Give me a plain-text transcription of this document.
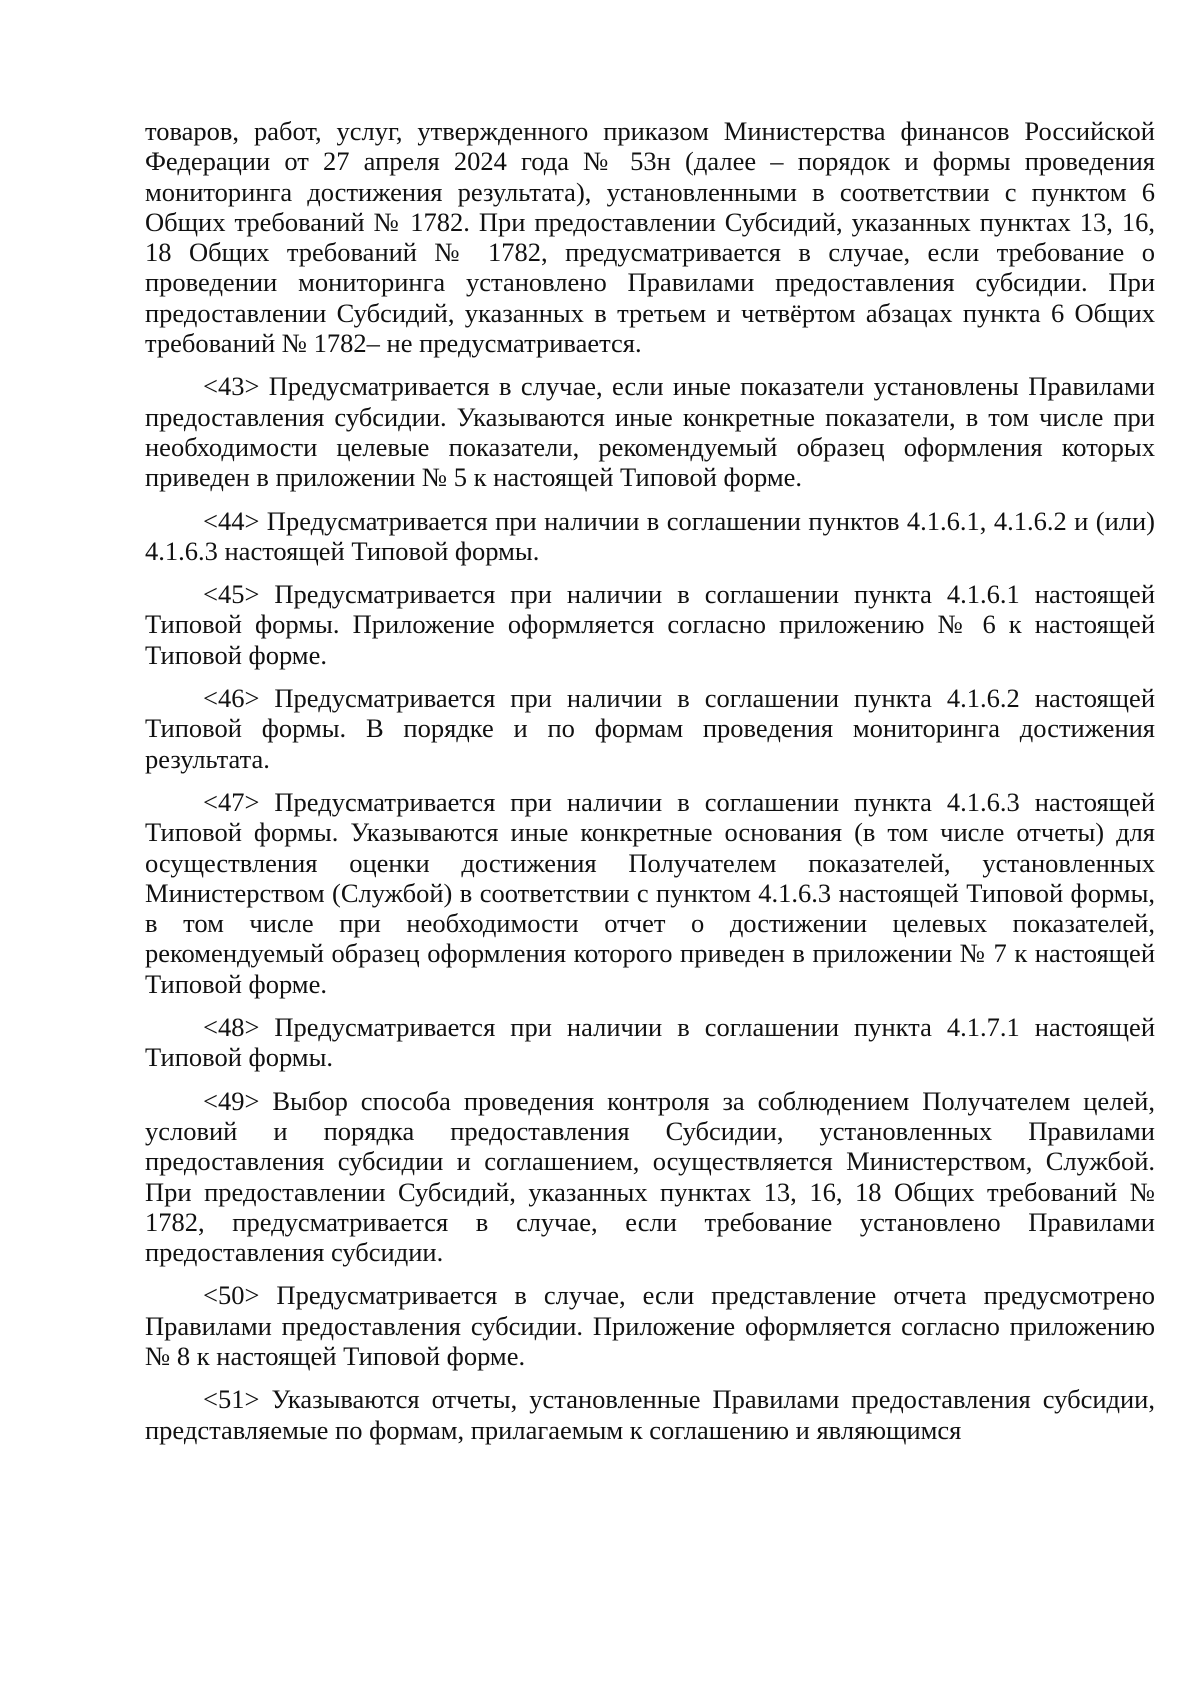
товаров, работ, услуг, утвержденного приказом Министерства финансов Российской Федерации от 27 апреля 2024 года № 53н (далее – порядок и формы проведения мониторинга достижения результата), установленными в соответствии с пунктом 6 Общих требований № 1782. При предоставлении Субсидий, указанных пунктах 13, 16, 18 Общих требований № 1782, предусматривается в случае, если требование о проведении мониторинга установлено Правилами предоставления субсидии. При предоставлении Субсидий, указанных в третьем и четвёртом абзацах пункта 6 Общих требований № 1782– не предусматривается.

<43> Предусматривается в случае, если иные показатели установлены Правилами предоставления субсидии. Указываются иные конкретные показатели, в том числе при необходимости целевые показатели, рекомендуемый образец оформления которых приведен в приложении № 5 к настоящей Типовой форме.

<44> Предусматривается при наличии в соглашении пунктов 4.1.6.1, 4.1.6.2 и (или) 4.1.6.3 настоящей Типовой формы.

<45> Предусматривается при наличии в соглашении пункта 4.1.6.1 настоящей Типовой формы. Приложение оформляется согласно приложению № 6 к настоящей Типовой форме.

<46> Предусматривается при наличии в соглашении пункта 4.1.6.2 настоящей Типовой формы. В порядке и по формам проведения мониторинга достижения результата.

<47> Предусматривается при наличии в соглашении пункта 4.1.6.3 настоящей Типовой формы. Указываются иные конкретные основания (в том числе отчеты) для осуществления оценки достижения Получателем показателей, установленных Министерством (Службой) в соответствии с пунктом 4.1.6.3 настоящей Типовой формы, в том числе при необходимости отчет о достижении целевых показателей, рекомендуемый образец оформления которого приведен в приложении № 7 к настоящей Типовой форме.

<48> Предусматривается при наличии в соглашении пункта 4.1.7.1 настоящей Типовой формы.

<49> Выбор способа проведения контроля за соблюдением Получателем целей, условий и порядка предоставления Субсидии, установленных Правилами предоставления субсидии и соглашением, осуществляется Министерством, Службой. При предоставлении Субсидий, указанных пунктах 13, 16, 18 Общих требований № 1782, предусматривается в случае, если требование установлено Правилами предоставления субсидии.

<50> Предусматривается в случае, если представление отчета предусмотрено Правилами предоставления субсидии. Приложение оформляется согласно приложению № 8 к настоящей Типовой форме.

<51> Указываются отчеты, установленные Правилами предоставления субсидии, представляемые по формам, прилагаемым к соглашению и являющимся
